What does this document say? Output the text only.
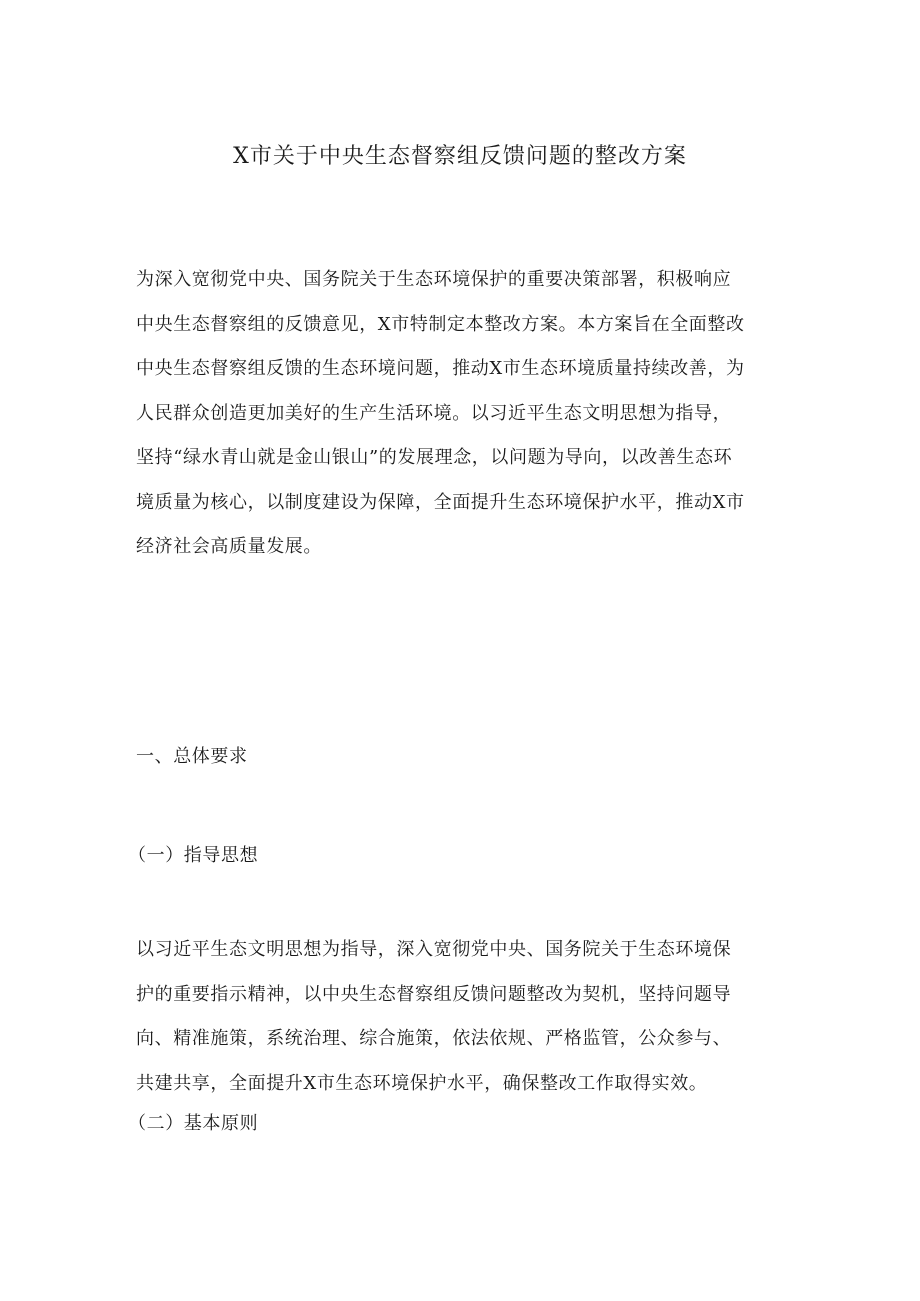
X市关于中央生态督察组反馈问题的整改方案

为深入宽彻党中央、国务院关于生态环境保护的重要决策部署，积极响应
中央生态督察组的反馈意见，X市特制定本整改方案。本方案旨在全面整改
中央生态督察组反馈的生态环境问题，推动X市生态环境质量持续改善，为
人民群众创造更加美好的生产生活环境。以习近平生态文明思想为指导，
坚持“绿水青山就是金山银山”的发展理念，以问题为导向，以改善生态环
境质量为核心，以制度建设为保障，全面提升生态环境保护水平，推动X市
经济社会高质量发展。

一、总体要求
（一）指导思想

以习近平生态文明思想为指导，深入宽彻党中央、国务院关于生态环境保
护的重要指示精神，以中央生态督察组反馈问题整改为契机，坚持问题导
向、精准施策，系统治理、综合施策，依法依规、严格监管，公众参与、
共建共享，全面提升X市生态环境保护水平，确保整改工作取得实效。

（二）基本原则
